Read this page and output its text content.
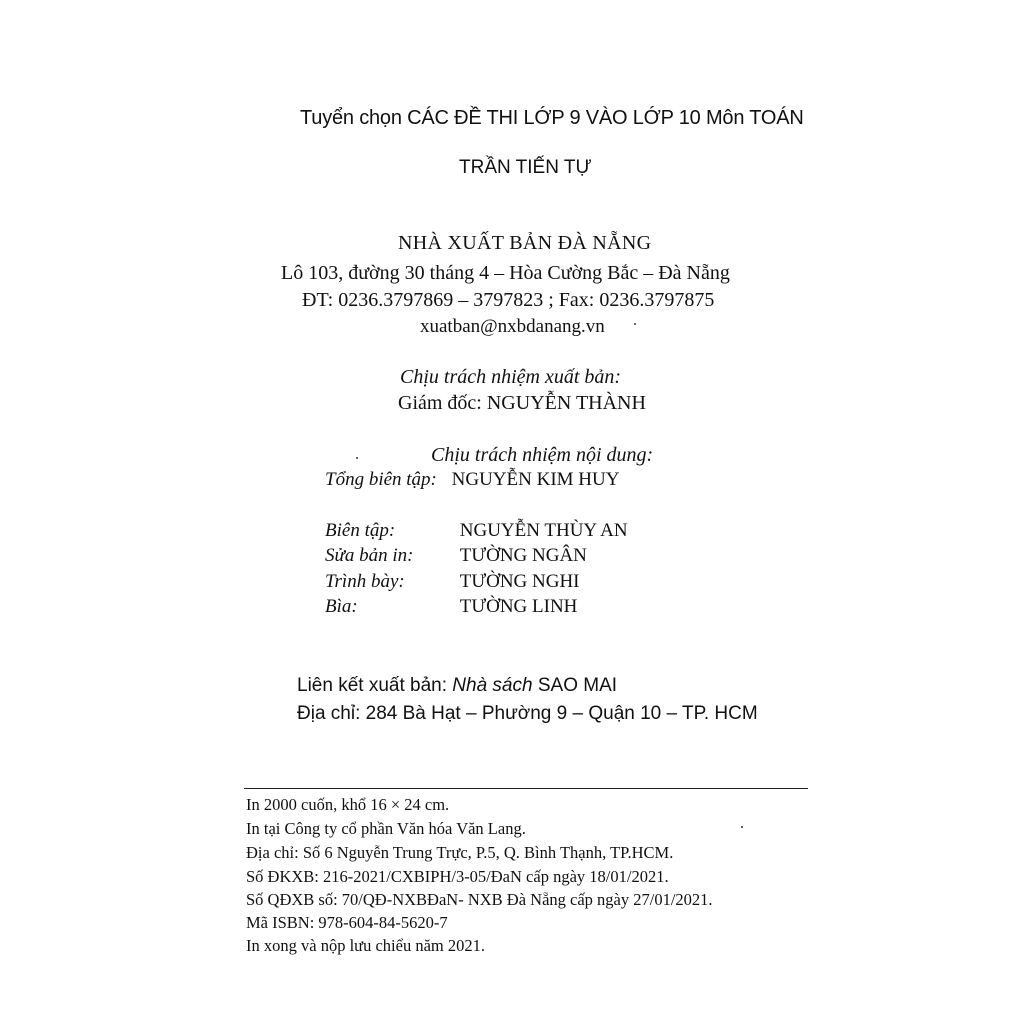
Tuyển chọn CÁC ĐỀ THI LỚP 9 VÀO LỚP 10 Môn TOÁN
TRẦN TIẾN TỰ
NHÀ XUẤT BẢN ĐÀ NẴNG
Lô 103, đường 30 tháng 4 – Hòa Cường Bắc – Đà Nẵng
ĐT: 0236.3797869 – 3797823 ; Fax: 0236.3797875
xuatban@nxbdanang.vn
Chịu trách nhiệm xuất bản:
Giám đốc: NGUYỄN THÀNH
Chịu trách nhiệm nội dung:
Tổng biên tập: NGUYỄN KIM HUY
Biên tập:	NGUYỄN THÙY AN
Sửa bản in: TƯỜNG NGÂN
Trình bày:	TƯỜNG NGHI
Bìa:	TƯỜNG LINH
Liên kết xuất bản: Nhà sách SAO MAI
Địa chỉ: 284 Bà Hạt – Phường 9 – Quận 10 – TP. HCM
In 2000 cuốn, khổ 16 × 24 cm.
In tại Công ty cổ phần Văn hóa Văn Lang.
Địa chỉ: Số 6 Nguyễn Trung Trực, P.5, Q. Bình Thạnh, TP.HCM.
Số ĐKXB: 216-2021/CXBIPH/3-05/ĐaN cấp ngày 18/01/2021.
Số QĐXB số: 70/QĐ-NXBĐaN- NXB Đà Nẵng cấp ngày 27/01/2021.
Mã ISBN: 978-604-84-5620-7
In xong và nộp lưu chiểu năm 2021.
